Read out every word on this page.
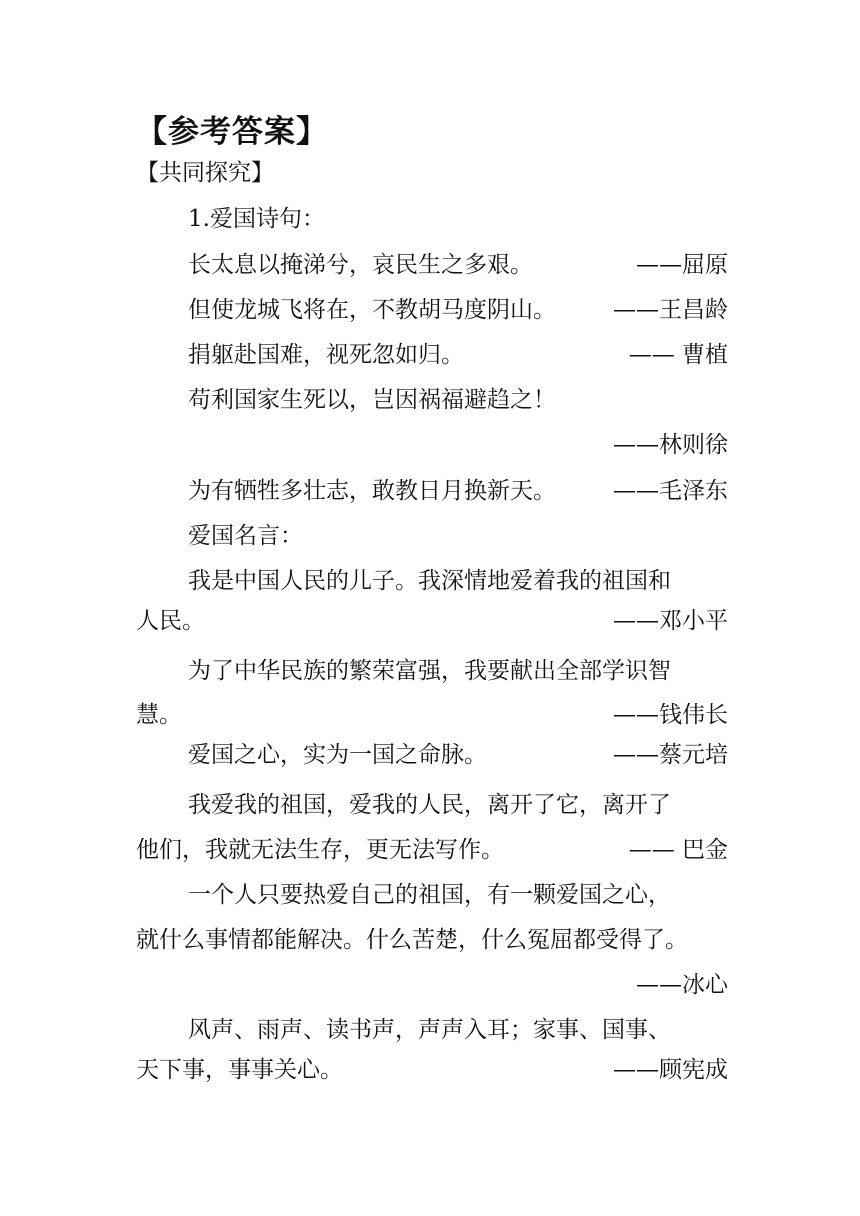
【参考答案】
【共同探究】
1.爱国诗句：
长太息以掩涕兮，哀民生之多艰。	——屈原
但使龙城飞将在，不教胡马度阴山。 ——王昌龄
捐躯赴国难，视死忽如归。	—— 曹植
苟利国家生死以，岂因祸福避趋之！
——林则徐
为有牺牲多壮志，敢教日月换新天。 ——毛泽东
爱国名言：
我是中国人民的儿子。我深情地爱着我的祖国和
人民。	——邓小平
为了中华民族的繁荣富强，我要献出全部学识智
慧。	——钱伟长
爱国之心，实为一国之命脉。	——蔡元培
我爱我的祖国，爱我的人民，离开了它，离开了
他们，我就无法生存，更无法写作。	—— 巴金
一个人只要热爱自己的祖国，有一颗爱国之心，
就什么事情都能解决。什么苦楚，什么冤屈都受得了。
——冰心
风声、雨声、读书声，声声入耳；家事、国事、
天下事，事事关心。	——顾宪成
